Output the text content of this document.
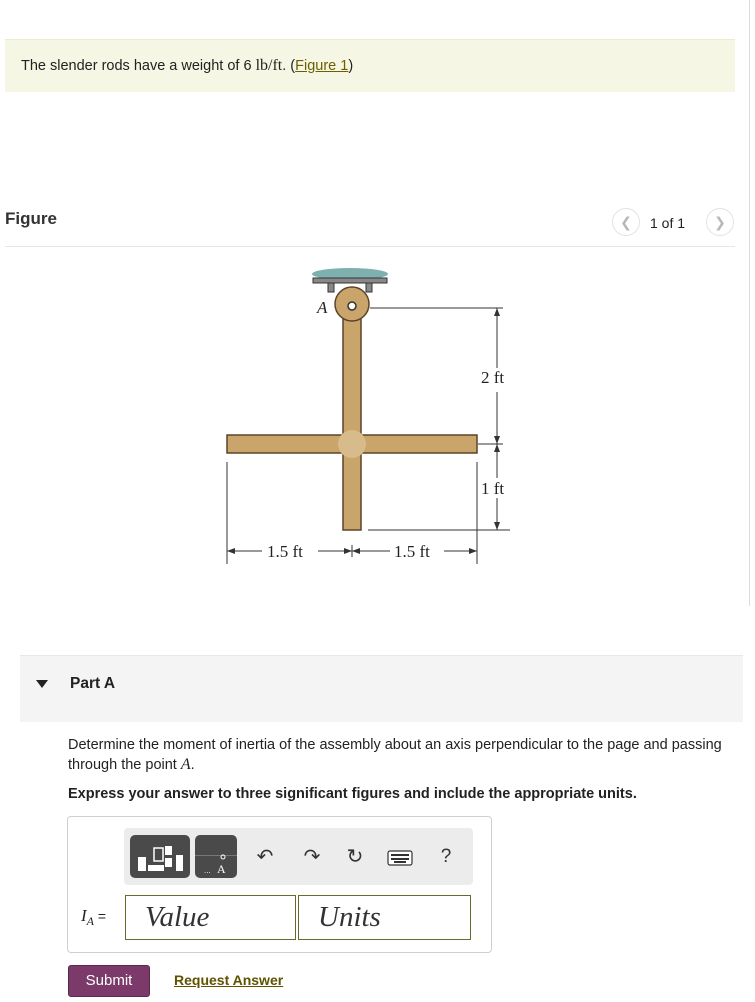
The slender rods have a weight of 6 lb/ft. (Figure 1)
Figure	❮	1 of 1	❯
A
2 ft
1 ft
1.5 ft	1.5 ft
Part A
Determine the moment of inertia of the assembly about an axis perpendicular to the page and passing through the point A.
Express your answer to three significant figures and include the appropriate units.
A
...
↶ ↷ ↻	?
$I_A$ =
Value
Units
Submit	Request Answer
